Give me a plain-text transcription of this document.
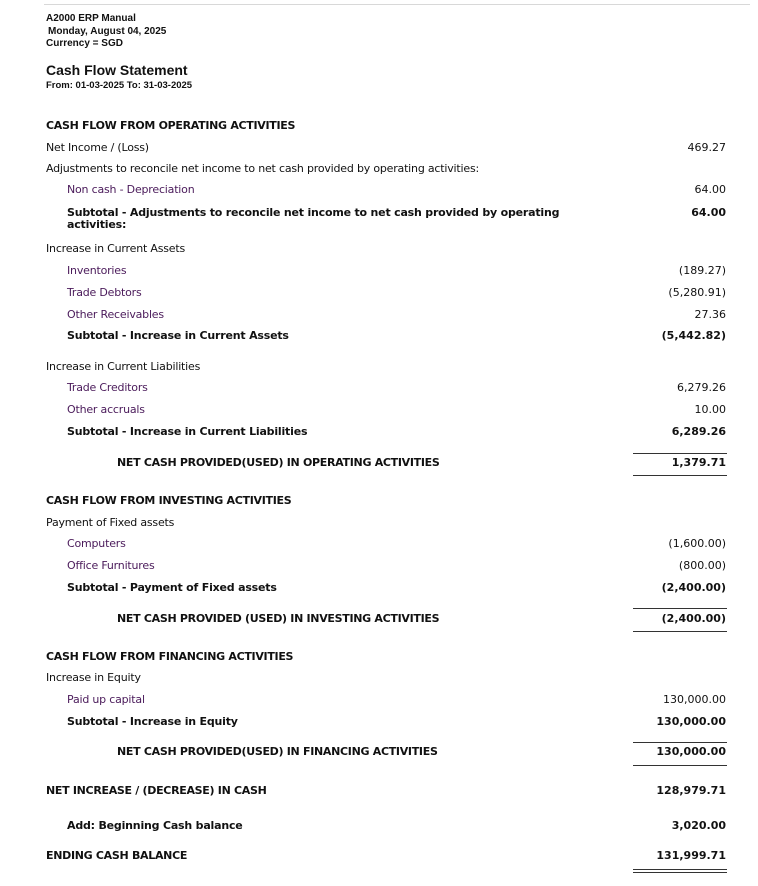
A2000 ERP Manual
Monday, August 04, 2025
Currency = SGD
Cash Flow Statement
From: 01-03-2025 To: 31-03-2025
CASH FLOW FROM OPERATING ACTIVITIES
Net Income / (Loss)	469.27
Adjustments to reconcile net income to net cash provided by operating activities:
Non cash - Depreciation	64.00
Subtotal - Adjustments to reconcile net income to net cash provided by operating	64.00
activities:
Increase in Current Assets
Inventories	(189.27)
Trade Debtors	(5,280.91)
Other Receivables	27.36
Subtotal - Increase in Current Assets	(5,442.82)
Increase in Current Liabilities
Trade Creditors	6,279.26
Other accruals	10.00
Subtotal - Increase in Current Liabilities	6,289.26
NET CASH PROVIDED(USED) IN OPERATING ACTIVITIES	1,379.71
CASH FLOW FROM INVESTING ACTIVITIES
Payment of Fixed assets
Computers	(1,600.00)
Office Furnitures	(800.00)
Subtotal - Payment of Fixed assets	(2,400.00)
NET CASH PROVIDED (USED) IN INVESTING ACTIVITIES	(2,400.00)
CASH FLOW FROM FINANCING ACTIVITIES
Increase in Equity
Paid up capital	130,000.00
Subtotal - Increase in Equity	130,000.00
NET CASH PROVIDED(USED) IN FINANCING ACTIVITIES	130,000.00
NET INCREASE / (DECREASE) IN CASH	128,979.71
Add: Beginning Cash balance	3,020.00
ENDING CASH BALANCE	131,999.71
